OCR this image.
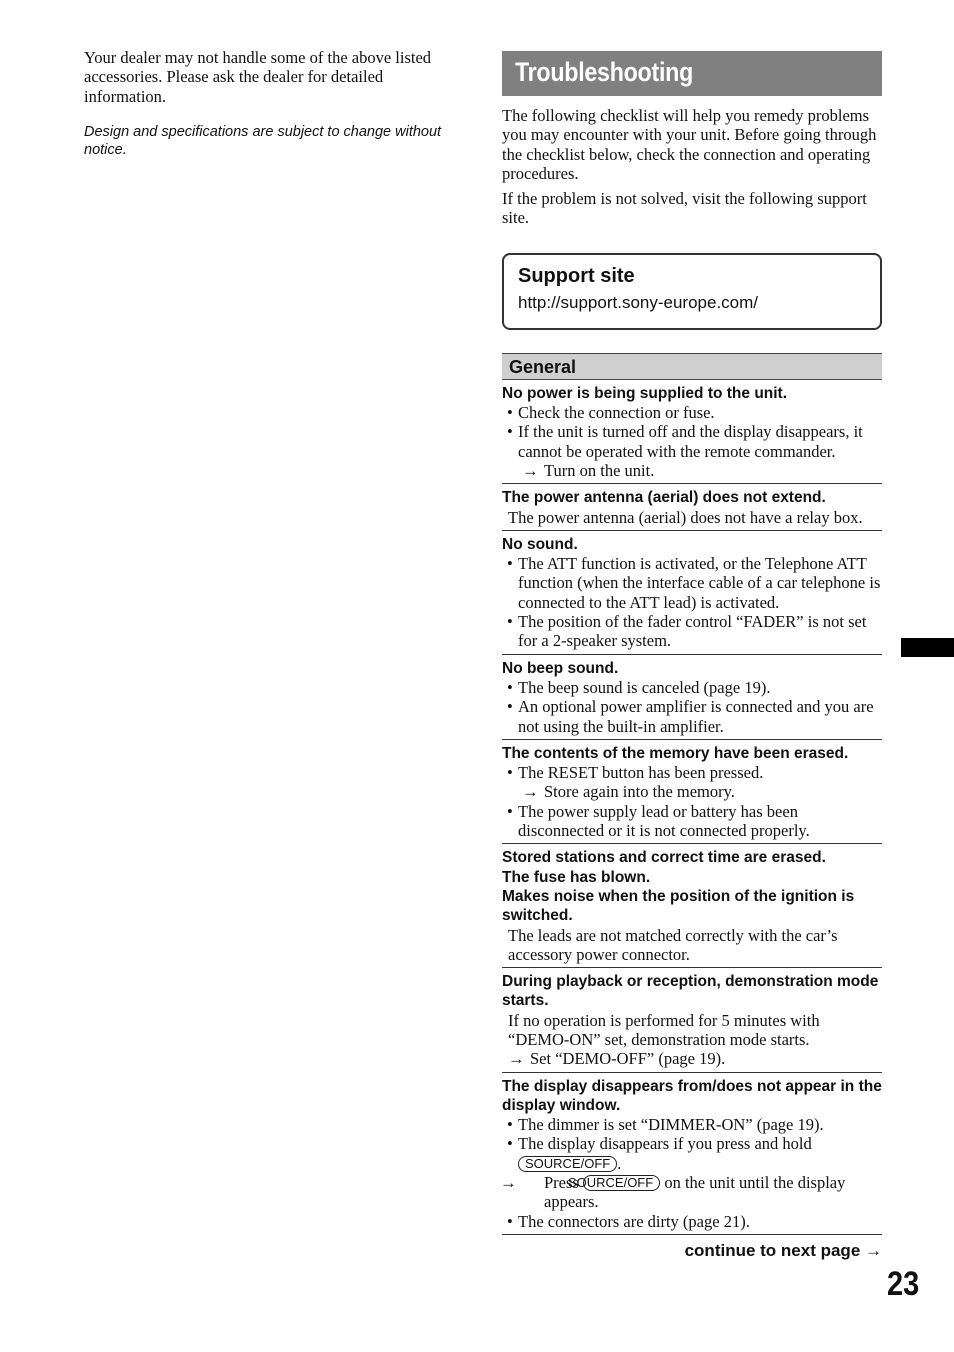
Your dealer may not handle some of the above listed accessories. Please ask the dealer for detailed information.

Design and specifications are subject to change without notice.

Troubleshooting

The following checklist will help you remedy problems you may encounter with your unit. Before going through the checklist below, check the connection and operating procedures.

If the problem is not solved, visit the following support site.

Support site
http://support.sony-europe.com/
General
No power is being supplied to the unit.
• Check the connection or fuse.
• If the unit is turned off and the display disappears, it cannot be operated with the remote commander.
→ Turn on the unit.
The power antenna (aerial) does not extend.
The power antenna (aerial) does not have a relay box.
No sound.
• The ATT function is activated, or the Telephone ATT function (when the interface cable of a car telephone is connected to the ATT lead) is activated.
• The position of the fader control “FADER” is not set for a 2-speaker system.
No beep sound.
• The beep sound is canceled (page 19).
• An optional power amplifier is connected and you are not using the built-in amplifier.
The contents of the memory have been erased.
• The RESET button has been pressed.
→ Store again into the memory.
• The power supply lead or battery has been disconnected or it is not connected properly.
Stored stations and correct time are erased.
The fuse has blown.
Makes noise when the position of the ignition is switched.
The leads are not matched correctly with the car’s accessory power connector.
During playback or reception, demonstration mode starts.
If no operation is performed for 5 minutes with “DEMO-ON” set, demonstration mode starts.
→ Set “DEMO-OFF” (page 19).
The display disappears from/does not appear in the display window.
• The dimmer is set “DIMMER-ON” (page 19).
• The display disappears if you press and hold
SOURCE/OFF .
→ Press SOURCE/OFF on the unit until the display appears.
• The connectors are dirty (page 21).
continue to next page →
23
